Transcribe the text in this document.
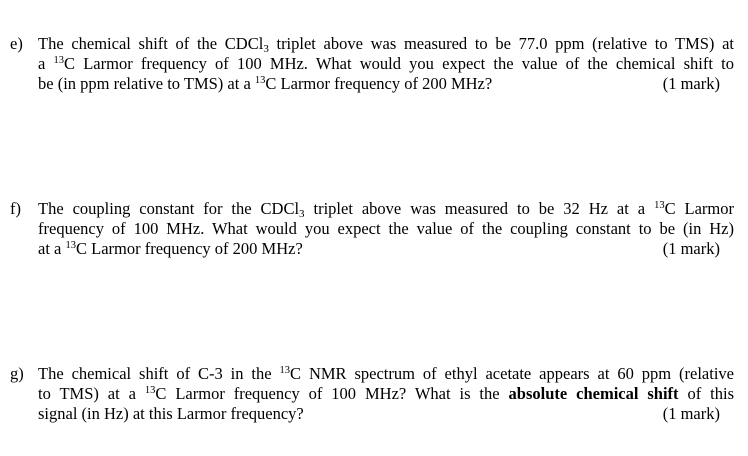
e) The chemical shift of the CDCl$_3$ triplet above was measured to be 77.0 ppm (relative to TMS) at
a $^{13}$C Larmor frequency of 100 MHz. What would you expect the value of the chemical shift to
be (in ppm relative to TMS) at a $^{13}$C Larmor frequency of 200 MHz?	(1 mark)
f) The coupling constant for the CDCl$_3$ triplet above was measured to be 32 Hz at a $^{13}$C Larmor
frequency of 100 MHz. What would you expect the value of the coupling constant to be (in Hz)
at a $^{13}$C Larmor frequency of 200 MHz?	(1 mark)
g) The chemical shift of C-3 in the $^{13}$C NMR spectrum of ethyl acetate appears at 60 ppm (relative
to TMS) at a $^{13}$C Larmor frequency of 100 MHz? What is the absolute chemical shift of this
signal (in Hz) at this Larmor frequency?	(1 mark)
